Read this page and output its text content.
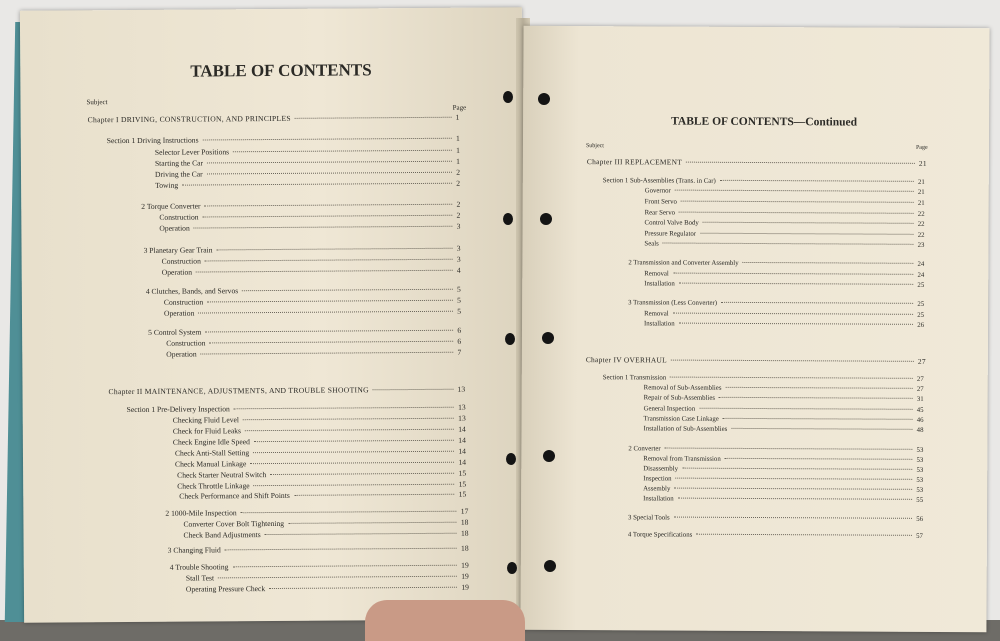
TABLE OF CONTENTS
Subject
Page
Chapter I DRIVING, CONSTRUCTION, AND PRINCIPLES	1
Section 1 Driving Instructions	1
Selector Lever Positions	1
Starting the Car	1
Driving the Car	2
Towing	2
2 Torque Converter	2
Construction	2
Operation	3
3 Planetary Gear Train	3
Construction	3
Operation	4
4 Clutches, Bands, and Servos	5
Construction	5
Operation	5
5 Control System	6
Construction	6
Operation	7
Chapter II MAINTENANCE, ADJUSTMENTS, AND TROUBLE SHOOTING	13
Section 1 Pre-Delivery Inspection	13
Checking Fluid Level	13
Check for Fluid Leaks	14
Check Engine Idle Speed	14
Check Anti-Stall Setting	14
Check Manual Linkage	14
Check Starter Neutral Switch	15
Check Throttle Linkage	15
Check Performance and Shift Points	15
2 1000-Mile Inspection	17
Converter Cover Bolt Tightening	18
Check Band Adjustments	18
3 Changing Fluid	18
4 Trouble Shooting	19
Stall Test	19
Operating Pressure Check	19
TABLE OF CONTENTS—Continued
Subject	Page
Chapter III REPLACEMENT	21
Section 1 Sub-Assemblies (Trans. in Car)	21
Governor	21
Front Servo	21
Rear Servo	22
Control Valve Body	22
Pressure Regulator	22
Seals	23
2 Transmission and Converter Assembly	24
Removal	24
Installation	25
3 Transmission (Less Converter)	25
Removal	25
Installation	26
Chapter IV OVERHAUL	27
Section 1 Transmission	27
Removal of Sub-Assemblies	27
Repair of Sub-Assemblies	31
General Inspection	45
Transmission Case Linkage	46
Installation of Sub-Assemblies	48
2 Converter	53
Removal from Transmission	53
Disassembly	53
Inspection	53
Assembly	53
Installation	55
3 Special Tools	56
4 Torque Specifications	57
